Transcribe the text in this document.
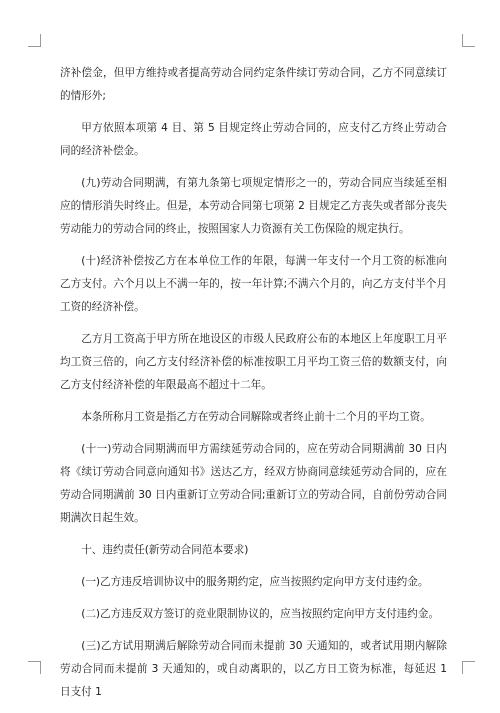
济补偿金，但甲方维持或者提高劳动合同约定条件续订劳动合同，乙方不同意续订的情形外;

甲方依照本项第 4 目、第 5 目规定终止劳动合同的，应支付乙方终止劳动合同的经济补偿金。

(九)劳动合同期满，有第九条第七项规定情形之一的，劳动合同应当续延至相应的情形消失时终止。但是，本劳动合同第七项第 2 目规定乙方丧失或者部分丧失劳动能力的劳动合同的终止，按照国家人力资源有关工伤保险的规定执行。

(十)经济补偿按乙方在本单位工作的年限，每满一年支付一个月工资的标准向乙方支付。六个月以上不满一年的，按一年计算;不满六个月的，向乙方支付半个月工资的经济补偿。

乙方月工资高于甲方所在地设区的市级人民政府公布的本地区上年度职工月平均工资三倍的，向乙方支付经济补偿的标准按职工月平均工资三倍的数额支付，向乙方支付经济补偿的年限最高不超过十二年。

本条所称月工资是指乙方在劳动合同解除或者终止前十二个月的平均工资。

(十一)劳动合同期满而甲方需续延劳动合同的，应在劳动合同期满前 30 日内将《续订劳动合同意向通知书》送达乙方，经双方协商同意续延劳动合同的，应在劳动合同期满前 30 日内重新订立劳动合同;重新订立的劳动合同，自前份劳动合同期满次日起生效。

十、违约责任(新劳动合同范本要求)

(一)乙方违反培训协议中的服务期约定，应当按照约定向甲方支付违约金。

(二)乙方违反双方签订的竞业限制协议的，应当按照约定向甲方支付违约金。

(三)乙方试用期满后解除劳动合同而未提前 30 天通知的，或者试用期内解除劳动合同而未提前 3 天通知的，或自动离职的，以乙方日工资为标准，每延迟 1 日支付 1
